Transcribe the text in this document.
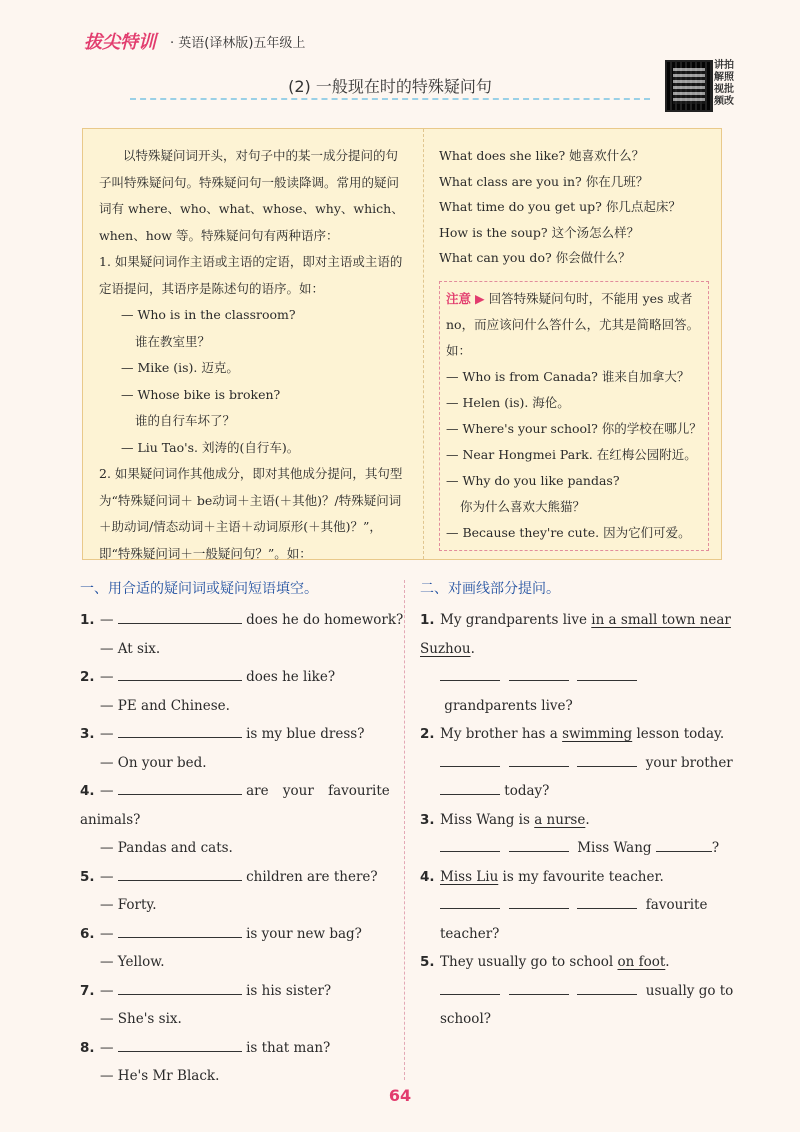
拔尖特训 · 英语(译林版)五年级上
(2) 一般现在时的特殊疑问句
讲拍 解照 视批 频改
以特殊疑问词开头，对句子中的某一成分提问的句子叫特殊疑问句。特殊疑问句一般读降调。常用的疑问词有 where、who、what、whose、why、which、when、how 等。特殊疑问句有两种语序：
1. 如果疑问词作主语或主语的定语，即对主语或主语的定语提问，其语序是陈述句的语序。如：
— Who is in the classroom?
谁在教室里？
— Mike (is). 迈克。
— Whose bike is broken?
谁的自行车坏了？
— Liu Tao's. 刘涛的(自行车)。
2. 如果疑问词作其他成分，即对其他成分提问，其句型为“特殊疑问词＋ be动词＋主语(＋其他)？/特殊疑问词＋助动词/情态动词＋主语＋动词原形(＋其他)？”，即“特殊疑问词＋一般疑问句？”。如：
What does she like? 她喜欢什么？
What class are you in? 你在几班？
What time do you get up? 你几点起床？
How is the soup? 这个汤怎么样？
What can you do? 你会做什么？
注意 ▶ 回答特殊疑问句时，不能用 yes 或者 no，而应该问什么答什么，尤其是简略回答。如：
— Who is from Canada? 谁来自加拿大？
— Helen (is). 海伦。
— Where's your school? 你的学校在哪儿？
— Near Hongmei Park. 在红梅公园附近。
— Why do you like pandas?
你为什么喜欢大熊猫？
— Because they're cute. 因为它们可爱。
一、用合适的疑问词或疑问短语填空。
1. —	does he do homework?
— At six.
2. —	does he like?
— PE and Chinese.
3. —	is my blue dress?
— On your bed.
4. —	are your favourite animals?
— Pandas and cats.
5. —	children are there?
— Forty.
6. —	is your new bag?
— Yellow.
7. —	is his sister?
— She's six.
8. —	is that man?
— He's Mr Black.
二、对画线部分提问。
1. My grandparents live in a small town near Suzhou.
grandparents live?
2. My brother has a swimming lesson today.
your brother
today?
3. Miss Wang is a nurse.
Miss Wang	?
4. Miss Liu is my favourite teacher.
favourite teacher?
5. They usually go to school on foot.
usually go to school?
64
